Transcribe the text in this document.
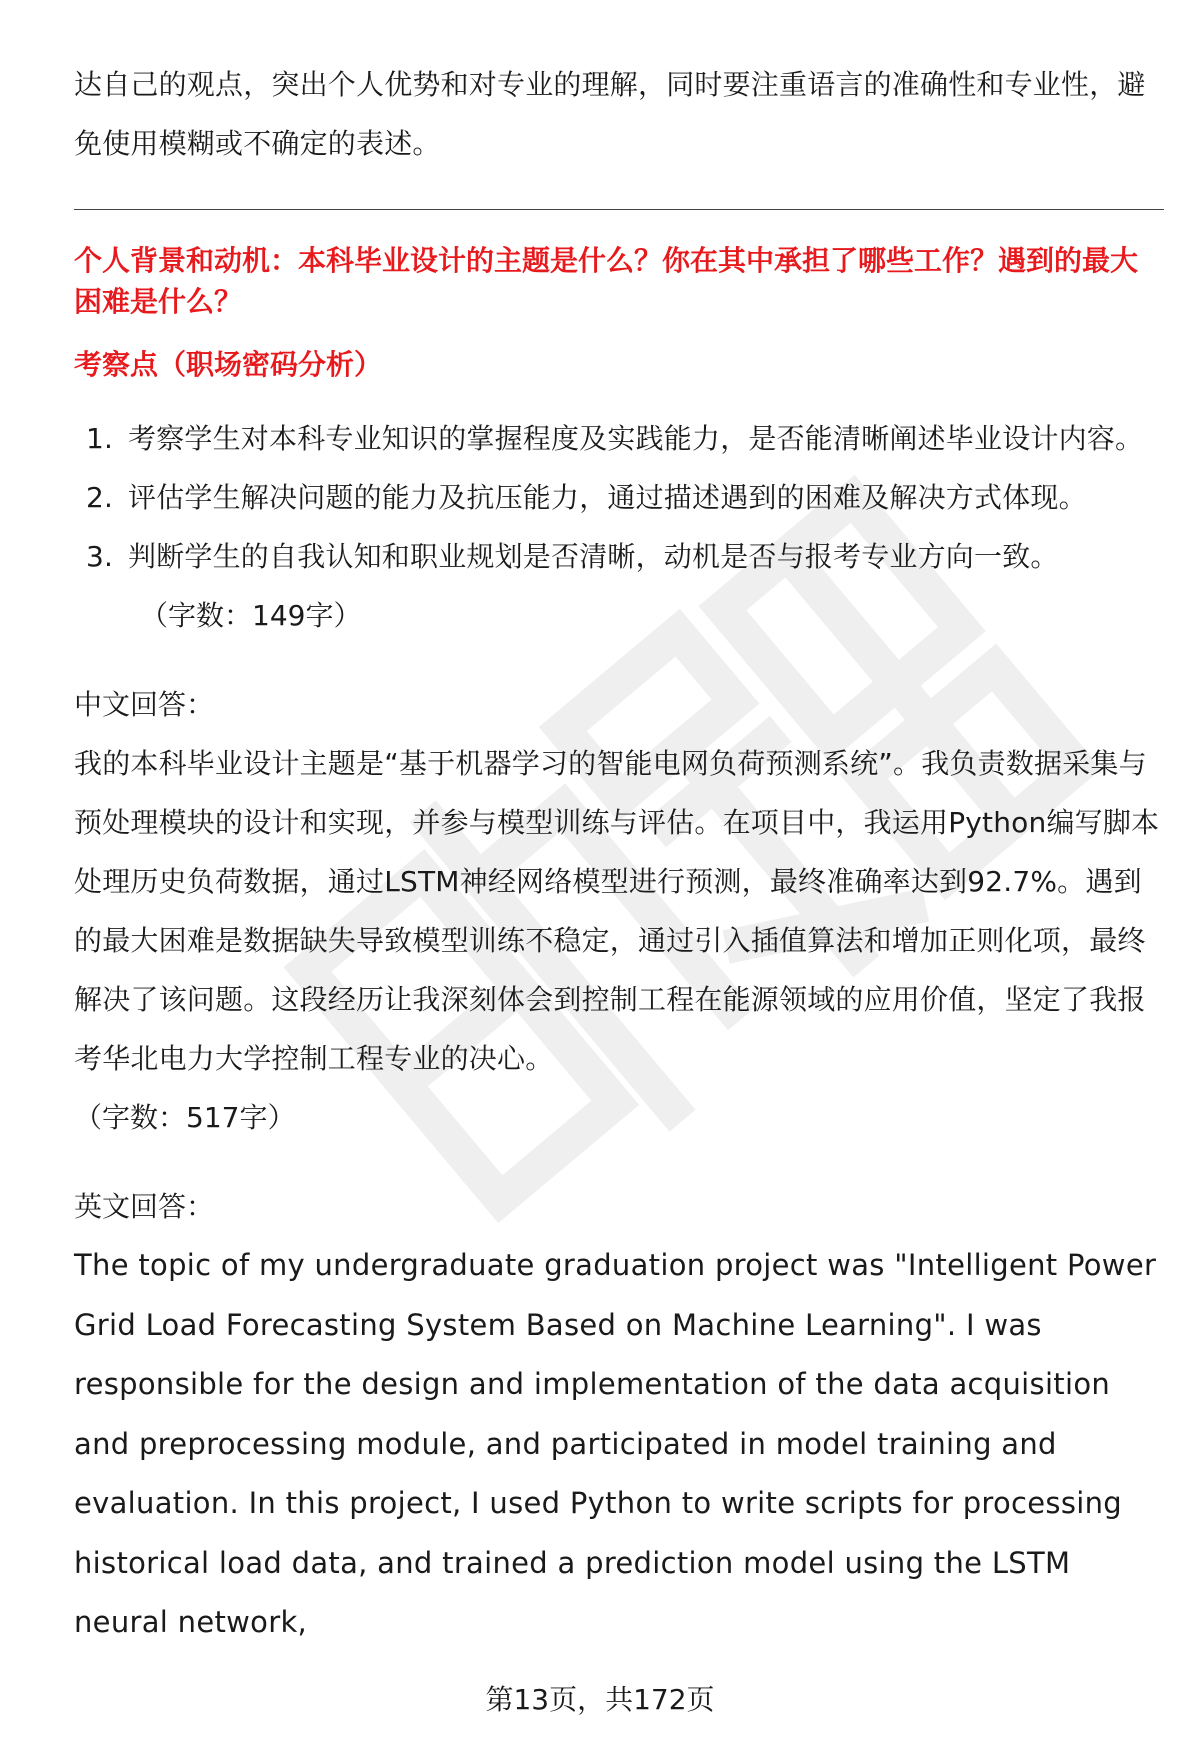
达自己的观点，突出个人优势和对专业的理解，同时要注重语言的准确性和专业性，避免使用模糊或不确定的表述。

个人背景和动机：本科毕业设计的主题是什么？你在其中承担了哪些工作？遇到的最大困难是什么？

考察点（职场密码分析）

1. 考察学生对本科专业知识的掌握程度及实践能力，是否能清晰阐述毕业设计内容。
2. 评估学生解决问题的能力及抗压能力，通过描述遇到的困难及解决方式体现。
3. 判断学生的自我认知和职业规划是否清晰，动机是否与报考专业方向一致。

（字数：149字）

中文回答：

我的本科毕业设计主题是“基于机器学习的智能电网负荷预测系统”。我负责数据采集与预处理模块的设计和实现，并参与模型训练与评估。在项目中，我运用Python编写脚本处理历史负荷数据，通过LSTM神经网络模型进行预测，最终准确率达到92.7%。遇到的最大困难是数据缺失导致模型训练不稳定，通过引入插值算法和增加正则化项，最终解决了该问题。这段经历让我深刻体会到控制工程在能源领域的应用价值，坚定了我报考华北电力大学控制工程专业的决心。

（字数：517字）

英文回答：

The topic of my undergraduate graduation project was "Intelligent Power Grid Load Forecasting System Based on Machine Learning". I was responsible for the design and implementation of the data acquisition and preprocessing module, and participated in model training and evaluation. In this project, I used Python to write scripts for processing historical load data, and trained a prediction model using the LSTM neural network,

第13页，共172页
